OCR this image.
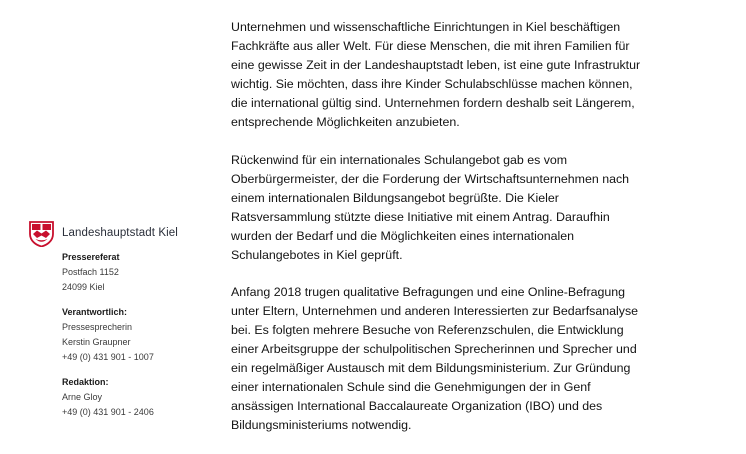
Landeshauptstadt Kiel
Pressereferat
Postfach 1152
24099 Kiel
Verantwortlich:
Pressesprecherin
Kerstin Graupner
+49 (0) 431 901 - 1007
Redaktion:
Arne Gloy
+49 (0) 431 901 - 2406

Unternehmen und wissenschaftliche Einrichtungen in Kiel beschäftigen
Fachkräfte aus aller Welt. Für diese Menschen, die mit ihren Familien für
eine gewisse Zeit in der Landeshauptstadt leben, ist eine gute Infrastruktur
wichtig. Sie möchten, dass ihre Kinder Schulabschlüsse machen können,
die international gültig sind. Unternehmen fordern deshalb seit Längerem,
entsprechende Möglichkeiten anzubieten.

Rückenwind für ein internationales Schulangebot gab es vom
Oberbürgermeister, der die Forderung der Wirtschaftsunternehmen nach
einem internationalen Bildungsangebot begrüßte. Die Kieler
Ratsversammlung stützte diese Initiative mit einem Antrag. Daraufhin
wurden der Bedarf und die Möglichkeiten eines internationalen
Schulangebotes in Kiel geprüft.

Anfang 2018 trugen qualitative Befragungen und eine Online-Befragung
unter Eltern, Unternehmen und anderen Interessierten zur Bedarfsanalyse
bei. Es folgten mehrere Besuche von Referenzschulen, die Entwicklung
einer Arbeitsgruppe der schulpolitischen Sprecherinnen und Sprecher und
ein regelmäßiger Austausch mit dem Bildungsministerium. Zur Gründung
einer internationalen Schule sind die Genehmigungen der in Genf
ansässigen International Baccalaureate Organization (IBO) und des
Bildungsministeriums notwendig.
